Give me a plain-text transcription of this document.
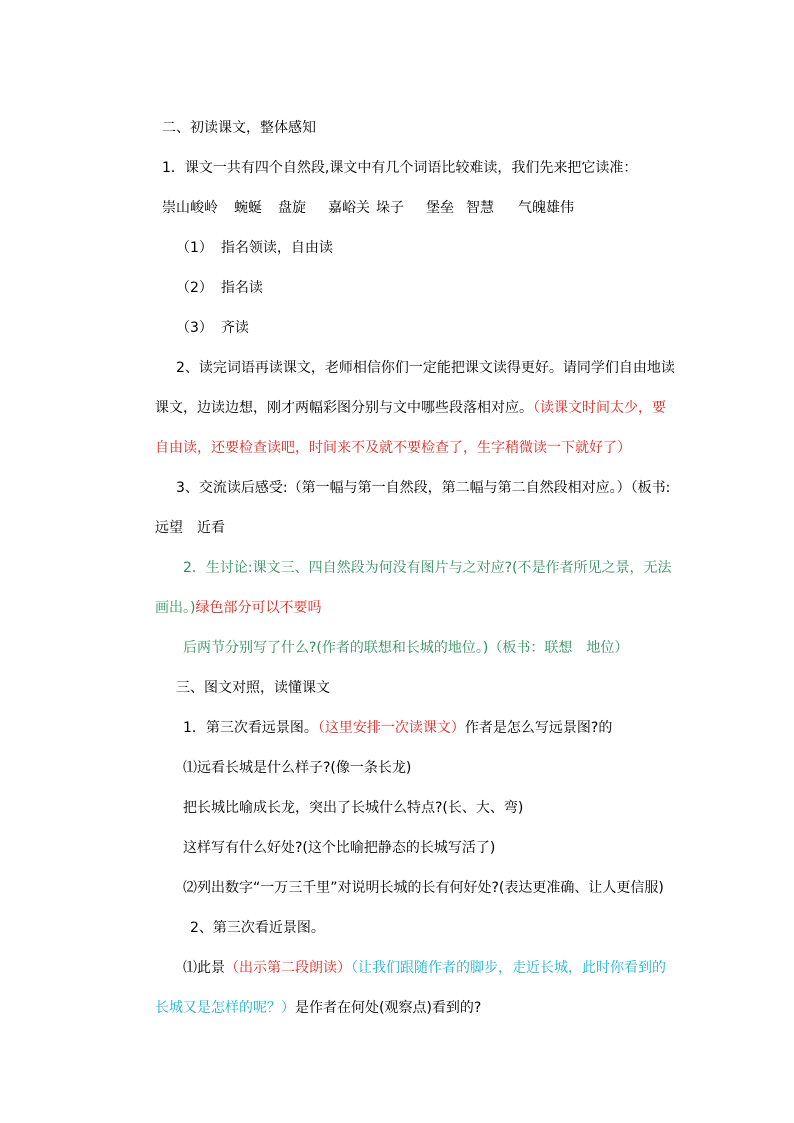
二、初读课文，整体感知
1．课文一共有四个自然段,课文中有几个词语比较难读，我们先来把它读准：
崇山峻岭 蜿蜒 盘旋 嘉峪关 垛子 堡垒 智慧 气魄雄伟
（1） 指名领读，自由读
（2） 指名读
（3） 齐读
2、读完词语再读课文，老师相信你们一定能把课文读得更好。请同学们自由地读
课文，边读边想，刚才两幅彩图分别与文中哪些段落相对应。（读课文时间太少，要
自由读，还要检查读吧，时间来不及就不要检查了，生字稍微读一下就好了）
3、交流读后感受:（第一幅与第一自然段，第二幅与第二自然段相对应。）（板书:
远望　近看
2．生讨论:课文三、四自然段为何没有图片与之对应?(不是作者所见之景，无法
画出。)绿色部分可以不要吗
后两节分别写了什么?(作者的联想和长城的地位。)（板书：联想　地位）
三、图文对照，读懂课文
1．第三次看远景图。（这里安排一次读课文）作者是怎么写远景图?的
⑴远看长城是什么样子?(像一条长龙)
把长城比喻成长龙，突出了长城什么特点?(长、大、弯)
这样写有什么好处?(这个比喻把静态的长城写活了)
⑵列出数字“一万三千里”对说明长城的长有何好处?(表达更准确、让人更信服)
2、第三次看近景图。
⑴此景（出示第二段朗读）（让我们跟随作者的脚步，走近长城，此时你看到的
长城又是怎样的呢？）是作者在何处(观察点)看到的?
